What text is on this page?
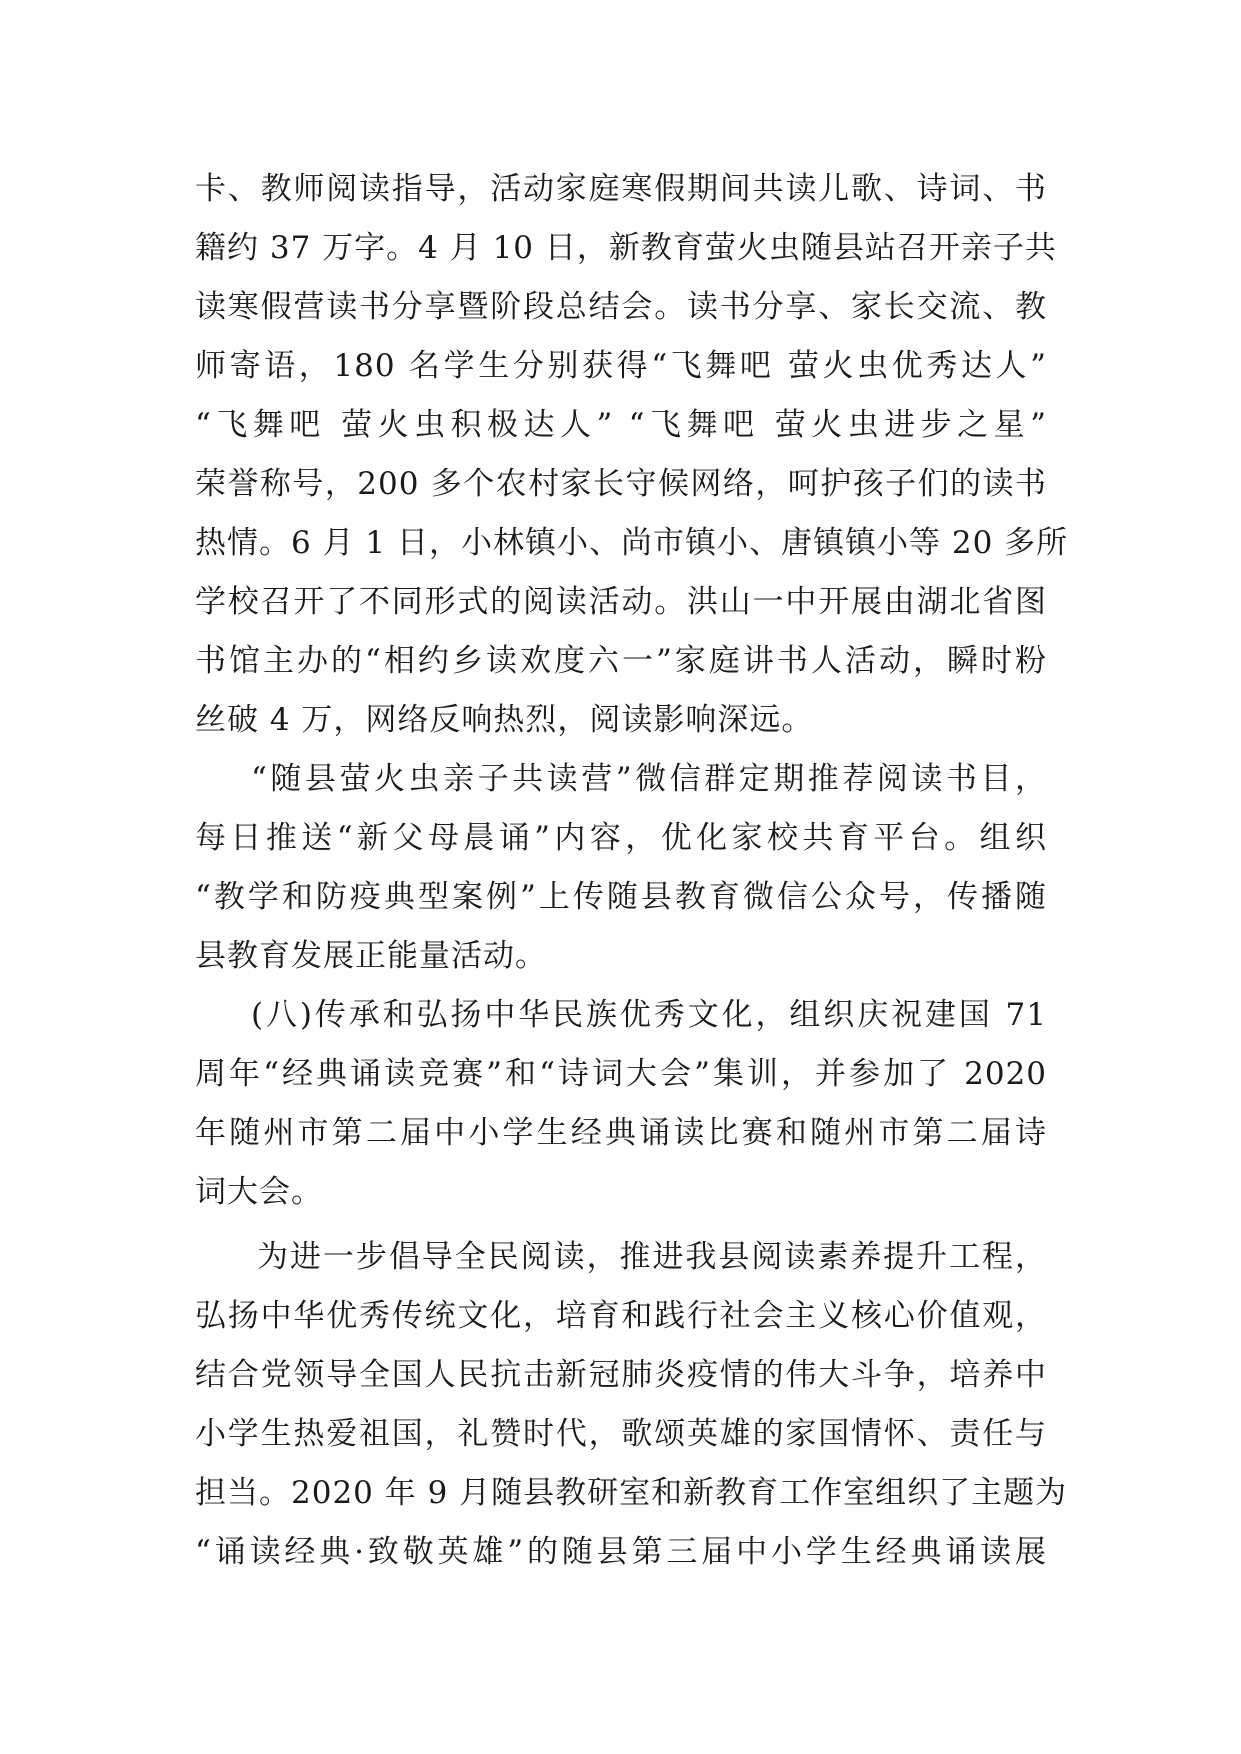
卡、教师阅读指导，活动家庭寒假期间共读儿歌、诗词、书
籍约 37 万字。4 月 10 日，新教育萤火虫随县站召开亲子共
读寒假营读书分享暨阶段总结会。读书分享、家长交流、教
师寄语，180 名学生分别获得“飞舞吧 萤火虫优秀达人”
“飞舞吧 萤火虫积极达人” “飞舞吧 萤火虫进步之星”
荣誉称号，200 多个农村家长守候网络，呵护孩子们的读书
热情。6 月 1 日，小林镇小、尚市镇小、唐镇镇小等 20 多所
学校召开了不同形式的阅读活动。洪山一中开展由湖北省图
书馆主办的“相约乡读欢度六一”家庭讲书人活动，瞬时粉
丝破 4 万，网络反响热烈，阅读影响深远。
“随县萤火虫亲子共读营”微信群定期推荐阅读书目，
每日推送“新父母晨诵”内容，优化家校共育平台。组织
“教学和防疫典型案例”上传随县教育微信公众号，传播随
县教育发展正能量活动。
(八)传承和弘扬中华民族优秀文化，组织庆祝建国 71
周年“经典诵读竞赛”和“诗词大会”集训，并参加了 2020
年随州市第二届中小学生经典诵读比赛和随州市第二届诗
词大会。
为进一步倡导全民阅读，推进我县阅读素养提升工程，
弘扬中华优秀传统文化，培育和践行社会主义核心价值观，
结合党领导全国人民抗击新冠肺炎疫情的伟大斗争，培养中
小学生热爱祖国，礼赞时代，歌颂英雄的家国情怀、责任与
担当。2020 年 9 月随县教研室和新教育工作室组织了主题为
“诵读经典·致敬英雄”的随县第三届中小学生经典诵读展
